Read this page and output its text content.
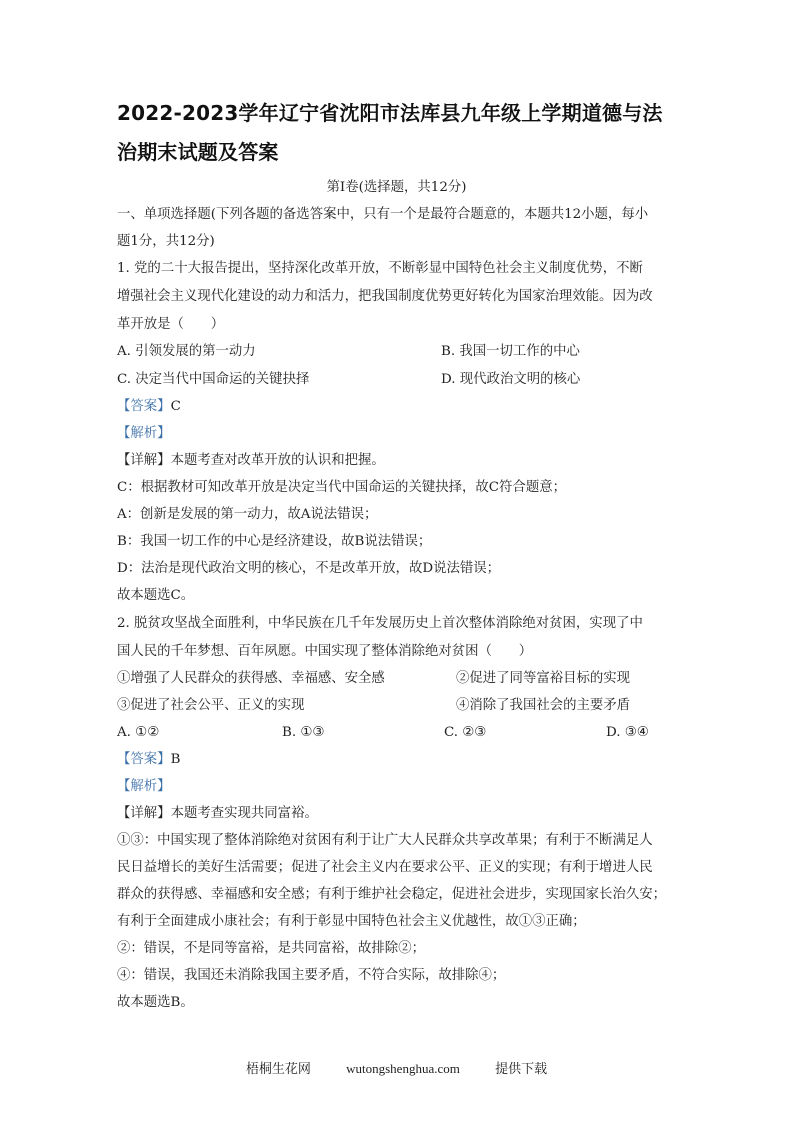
2022-2023学年辽宁省沈阳市法库县九年级上学期道德与法
治期末试题及答案
第Ⅰ卷(选择题，共12分)
一、单项选择题(下列各题的备选答案中，只有一个是最符合题意的，本题共12小题，每小
题1分，共12分)
1. 党的二十大报告提出，坚持深化改革开放，不断彰显中国特色社会主义制度优势，不断
增强社会主义现代化建设的动力和活力，把我国制度优势更好转化为国家治理效能。因为改
革开放是（　　）
A. 引领发展的第一动力	B. 我国一切工作的中心
C. 决定当代中国命运的关键抉择	D. 现代政治文明的核心
【答案】C
【解析】
【详解】本题考查对改革开放的认识和把握。
C：根据教材可知改革开放是决定当代中国命运的关键抉择，故C符合题意；
A：创新是发展的第一动力，故A说法错误；
B：我国一切工作的中心是经济建设，故B说法错误；
D：法治是现代政治文明的核心，不是改革开放，故D说法错误；
故本题选C。
2. 脱贫攻坚战全面胜利，中华民族在几千年发展历史上首次整体消除绝对贫困，实现了中
国人民的千年梦想、百年夙愿。中国实现了整体消除绝对贫困（　　）
①增强了人民群众的获得感、幸福感、安全感	②促进了同等富裕目标的实现
③促进了社会公平、正义的实现	④消除了我国社会的主要矛盾
A. ①②	B. ①③	C. ②③	D. ③④
【答案】B
【解析】
【详解】本题考查实现共同富裕。
①③：中国实现了整体消除绝对贫困有利于让广大人民群众共享改革果；有利于不断满足人
民日益增长的美好生活需要；促进了社会主义内在要求公平、正义的实现；有利于增进人民
群众的获得感、幸福感和安全感；有利于维护社会稳定，促进社会进步，实现国家长治久安；
有利于全面建成小康社会；有利于彰显中国特色社会主义优越性，故①③正确；
②：错误，不是同等富裕，是共同富裕，故排除②；
④：错误，我国还未消除我国主要矛盾，不符合实际，故排除④；
故本题选B。
梧桐生花网	wutongshenghua.com	提供下载
